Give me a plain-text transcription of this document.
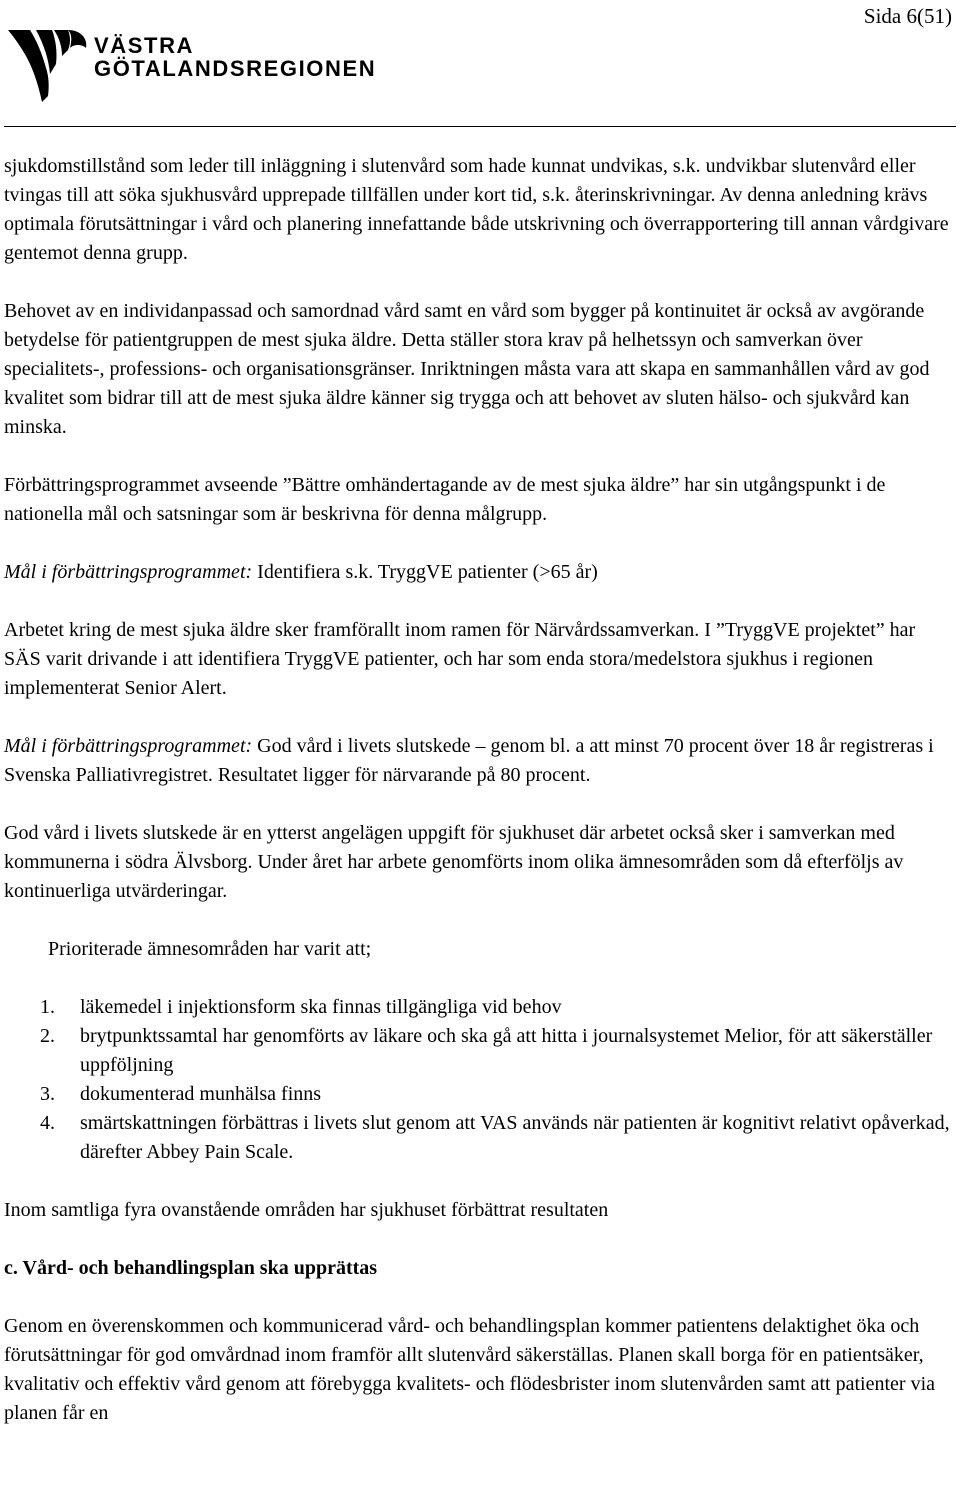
Sida 6(51)
VÄSTRA
GÖTALANDSREGIONEN

sjukdomstillstånd som leder till inläggning i slutenvård som hade kunnat undvikas, s.k. undvikbar slutenvård eller tvingas till att söka sjukhusvård upprepade tillfällen under kort tid, s.k. återinskrivningar. Av denna anledning krävs optimala förutsättningar i vård och planering innefattande både utskrivning och överrapportering till annan vårdgivare gentemot denna grupp.

Behovet av en individanpassad och samordnad vård samt en vård som bygger på kontinuitet är också av avgörande betydelse för patientgruppen de mest sjuka äldre. Detta ställer stora krav på helhetssyn och samverkan över specialitets-, professions- och organisationsgränser. Inriktningen måsta vara att skapa en sammanhållen vård av god kvalitet som bidrar till att de mest sjuka äldre känner sig trygga och att behovet av sluten hälso- och sjukvård kan minska.

Förbättringsprogrammet avseende ”Bättre omhändertagande av de mest sjuka äldre” har sin utgångspunkt i de nationella mål och satsningar som är beskrivna för denna målgrupp.

Mål i förbättringsprogrammet: Identifiera s.k. TryggVE patienter (>65 år)

Arbetet kring de mest sjuka äldre sker framförallt inom ramen för Närvårdssamverkan. I ”TryggVE projektet” har SÄS varit drivande i att identifiera TryggVE patienter, och har som enda stora/medelstora sjukhus i regionen implementerat Senior Alert.

Mål i förbättringsprogrammet: God vård i livets slutskede – genom bl. a att minst 70 procent över 18 år registreras i Svenska Palliativregistret. Resultatet ligger för närvarande på 80 procent.

God vård i livets slutskede är en ytterst angelägen uppgift för sjukhuset där arbetet också sker i samverkan med kommunerna i södra Älvsborg. Under året har arbete genomförts inom olika ämnesområden som då efterföljs av kontinuerliga utvärderingar.

Prioriterade ämnesområden har varit att;

1.	läkemedel i injektionsform ska finnas tillgängliga vid behov
2.	brytpunktssamtal har genomförts av läkare och ska gå att hitta i journalsystemet Melior, för att säkerställer uppföljning
3.	dokumenterad munhälsa finns
4.	smärtskattningen förbättras i livets slut genom att VAS används när patienten är kognitivt relativt opåverkad, därefter Abbey Pain Scale.

Inom samtliga fyra ovanstående områden har sjukhuset förbättrat resultaten

c. Vård- och behandlingsplan ska upprättas

Genom en överenskommen och kommunicerad vård- och behandlingsplan kommer patientens delaktighet öka och förutsättningar för god omvårdnad inom framför allt slutenvård säkerställas. Planen skall borga för en patientsäker, kvalitativ och effektiv vård genom att förebygga kvalitets- och flödesbrister inom slutenvården samt att patienter via planen får en
